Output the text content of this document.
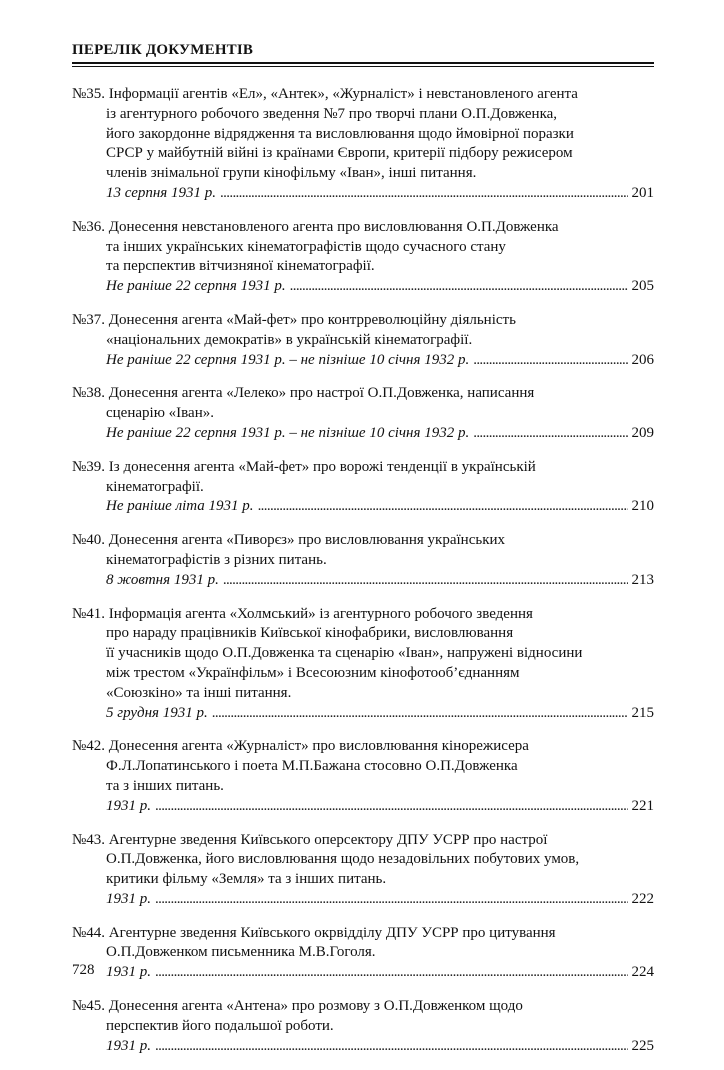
ПЕРЕЛІК ДОКУМЕНТІВ
№35. Інформації агентів «Ел», «Антек», «Журналіст» і невстановленого агента
із агентурного робочого зведення №7 про творчі плани О.П.Довженка,
його закордонне відрядження та висловлювання щодо ймовірної поразки
СРСР у майбутній війні із країнами Європи, критерії підбору режисером
членів знімальної групи кінофільму «Іван», інші питання.
13 серпня 1931 р. . . .	201
№36. Донесення невстановленого агента про висловлювання О.П.Довженка
та інших українських кінематографістів щодо сучасного стану
та перспектив вітчизняної кінематографії.
Не раніше 22 серпня 1931 р. . . .	205
№37. Донесення агента «Май-фет» про контрреволюційну діяльність
«національних демократів» в українській кінематографії.
Не раніше 22 серпня 1931 р. – не пізніше 10 січня 1932 р. . . .	206
№38. Донесення агента «Лелеко» про настрої О.П.Довженка, написання
сценарію «Іван».
Не раніше 22 серпня 1931 р. – не пізніше 10 січня 1932 р. . . .	209
№39. Із донесення агента «Май-фет» про ворожі тенденції в українській
кінематографії.
Не раніше літа 1931 р. . . .	210
№40. Донесення агента «Пиворєз» про висловлювання українських
кінематографістів з різних питань.
8 жовтня 1931 р. . . .	213
№41. Інформація агента «Холмський» із агентурного робочого зведення
про нараду працівників Київської кінофабрики, висловлювання
її учасників щодо О.П.Довженка та сценарію «Іван», напружені відносини
між трестом «Українфільм» і Всесоюзним кінофотооб’єднанням
«Союзкіно» та інші питання.
5 грудня 1931 р. . . .	215
№42. Донесення агента «Журналіст» про висловлювання кінорежисера
Ф.Л.Лопатинського і поета М.П.Бажана стосовно О.П.Довженка
та з інших питань.
1931 р. . . .	221
№43. Агентурне зведення Київського оперсектору ДПУ УСРР про настрої
О.П.Довженка, його висловлювання щодо незадовільних побутових умов,
критики фільму «Земля» та з інших питань.
1931 р. . . .	222
№44. Агентурне зведення Київського окрвідділу ДПУ УСРР про цитування
О.П.Довженком письменника М.В.Гоголя.
1931 р. . . .	224
№45. Донесення агента «Антена» про розмову з О.П.Довженком щодо
перспектив його подальшої роботи.
1931 р. . . .	225
728
